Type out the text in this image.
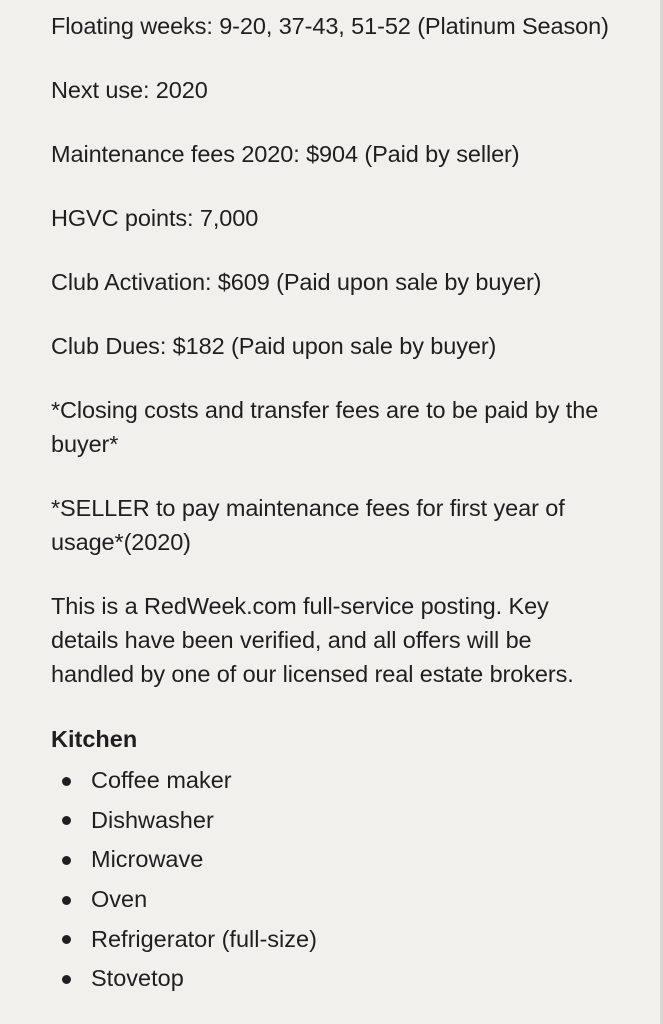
Floating weeks: 9-20, 37-43, 51-52 (Platinum Season)

Next use: 2020

Maintenance fees 2020: $904 (Paid by seller)

HGVC points: 7,000

Club Activation: $609 (Paid upon sale by buyer)

Club Dues: $182 (Paid upon sale by buyer)

*Closing costs and transfer fees are to be paid by the buyer*

*SELLER to pay maintenance fees for first year of usage*(2020)

This is a RedWeek.com full-service posting. Key details have been verified, and all offers will be handled by one of our licensed real estate brokers.

Kitchen
Coffee maker
Dishwasher
Microwave
Oven
Refrigerator (full-size)
Stovetop
